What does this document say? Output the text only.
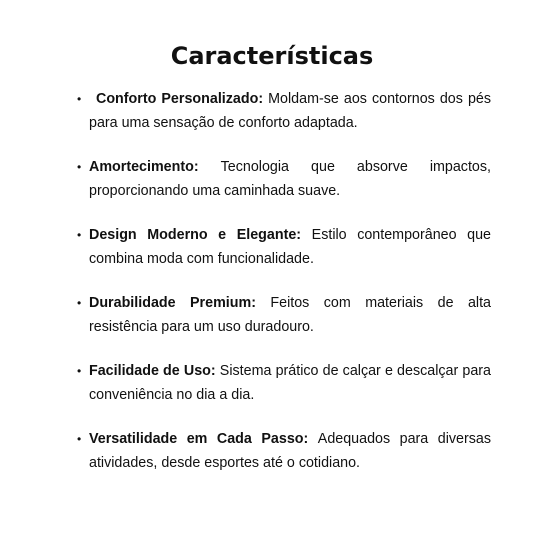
Características
• Conforto Personalizado: Moldam-se aos contornos dos pés para uma sensação de conforto adaptada.
• Amortecimento: Tecnologia que absorve impactos, proporcionando uma caminhada suave.
• Design Moderno e Elegante: Estilo contemporâneo que combina moda com funcionalidade.
• Durabilidade Premium: Feitos com materiais de alta resistência para um uso duradouro.
• Facilidade de Uso: Sistema prático de calçar e descalçar para conveniência no dia a dia.
• Versatilidade em Cada Passo: Adequados para diversas atividades, desde esportes até o cotidiano.
